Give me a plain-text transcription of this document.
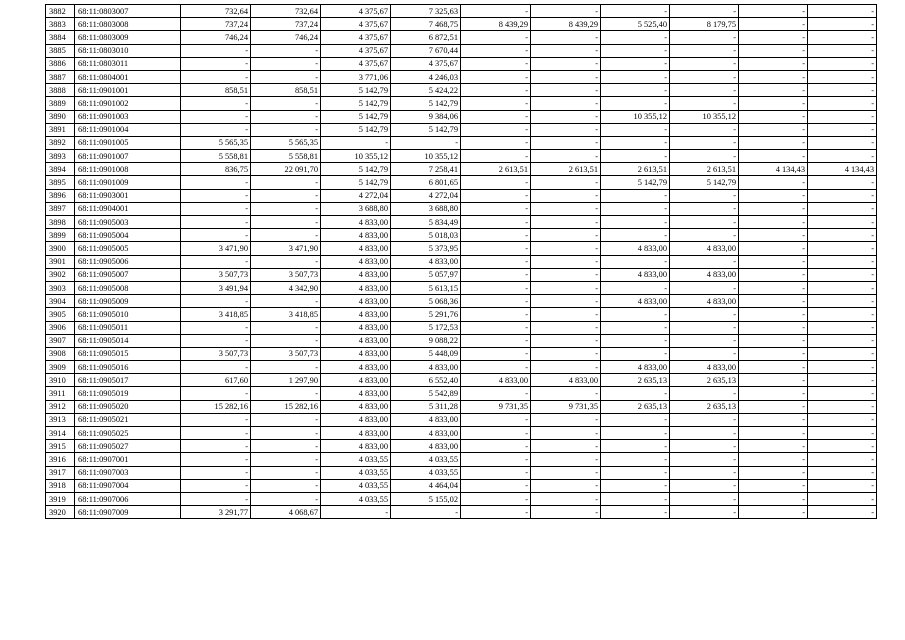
3882	68:11:0803007	732,64	732,64	4 375,67	7 325,63	-	-	-	-	-	-
3883	68:11:0803008	737,24	737,24	4 375,67	7 468,75	8 439,29	8 439,29	5 525,40	8 179,75	-	-
3884	68:11:0803009	746,24	746,24	4 375,67	6 872,51	-	-	-	-	-	-
3885	68:11:0803010	-	-	4 375,67	7 670,44	-	-	-	-	-	-
3886	68:11:0803011	-	-	4 375,67	4 375,67	-	-	-	-	-	-
3887	68:11:0804001	-	-	3 771,06	4 246,03	-	-	-	-	-	-
3888	68:11:0901001	858,51	858,51	5 142,79	5 424,22	-	-	-	-	-	-
3889	68:11:0901002	-	-	5 142,79	5 142,79	-	-	-	-	-	-
3890	68:11:0901003	-	-	5 142,79	9 384,06	-	-	10 355,12	10 355,12	-	-
3891	68:11:0901004	-	-	5 142,79	5 142,79	-	-	-	-	-	-
3892	68:11:0901005	5 565,35	5 565,35	-	-	-	-	-	-	-	-
3893	68:11:0901007	5 558,81	5 558,81	10 355,12	10 355,12	-	-	-	-	-	-
3894	68:11:0901008	836,75	22 091,70	5 142,79	7 258,41	2 613,51	2 613,51	2 613,51	2 613,51	4 134,43	4 134,43
3895	68:11:0901009	-	-	5 142,79	6 801,65	-	-	5 142,79	5 142,79	-	-
3896	68:11:0903001	-	-	4 272,04	4 272,04	-	-	-	-	-	-
3897	68:11:0904001	-	-	3 688,80	3 688,80	-	-	-	-	-	-
3898	68:11:0905003	-	-	4 833,00	5 834,49	-	-	-	-	-	-
3899	68:11:0905004	-	-	4 833,00	5 018,03	-	-	-	-	-	-
3900	68:11:0905005	3 471,90	3 471,90	4 833,00	5 373,95	-	-	4 833,00	4 833,00	-	-
3901	68:11:0905006	-	-	4 833,00	4 833,00	-	-	-	-	-	-
3902	68:11:0905007	3 507,73	3 507,73	4 833,00	5 057,97	-	-	4 833,00	4 833,00	-	-
3903	68:11:0905008	3 491,94	4 342,90	4 833,00	5 613,15	-	-	-	-	-	-
3904	68:11:0905009	-	-	4 833,00	5 068,36	-	-	4 833,00	4 833,00	-	-
3905	68:11:0905010	3 418,85	3 418,85	4 833,00	5 291,76	-	-	-	-	-	-
3906	68:11:0905011	-	-	4 833,00	5 172,53	-	-	-	-	-	-
3907	68:11:0905014	-	-	4 833,00	9 088,22	-	-	-	-	-	-
3908	68:11:0905015	3 507,73	3 507,73	4 833,00	5 448,09	-	-	-	-	-	-
3909	68:11:0905016	-	-	4 833,00	4 833,00	-	-	4 833,00	4 833,00	-	-
3910	68:11:0905017	617,60	1 297,90	4 833,00	6 552,40	4 833,00	4 833,00	2 635,13	2 635,13	-	-
3911	68:11:0905019	-	-	4 833,00	5 542,89	-	-	-	-	-	-
3912	68:11:0905020	15 282,16	15 282,16	4 833,00	5 311,28	9 731,35	9 731,35	2 635,13	2 635,13	-	-
3913	68:11:0905021	-	-	4 833,00	4 833,00	-	-	-	-	-	-
3914	68:11:0905025	-	-	4 833,00	4 833,00	-	-	-	-	-	-
3915	68:11:0905027	-	-	4 833,00	4 833,00	-	-	-	-	-	-
3916	68:11:0907001	-	-	4 033,55	4 033,55	-	-	-	-	-	-
3917	68:11:0907003	-	-	4 033,55	4 033,55	-	-	-	-	-	-
3918	68:11:0907004	-	-	4 033,55	4 464,04	-	-	-	-	-	-
3919	68:11:0907006	-	-	4 033,55	5 155,02	-	-	-	-	-	-
3920	68:11:0907009	3 291,77	4 068,67	-	-	-	-	-	-	-	-
